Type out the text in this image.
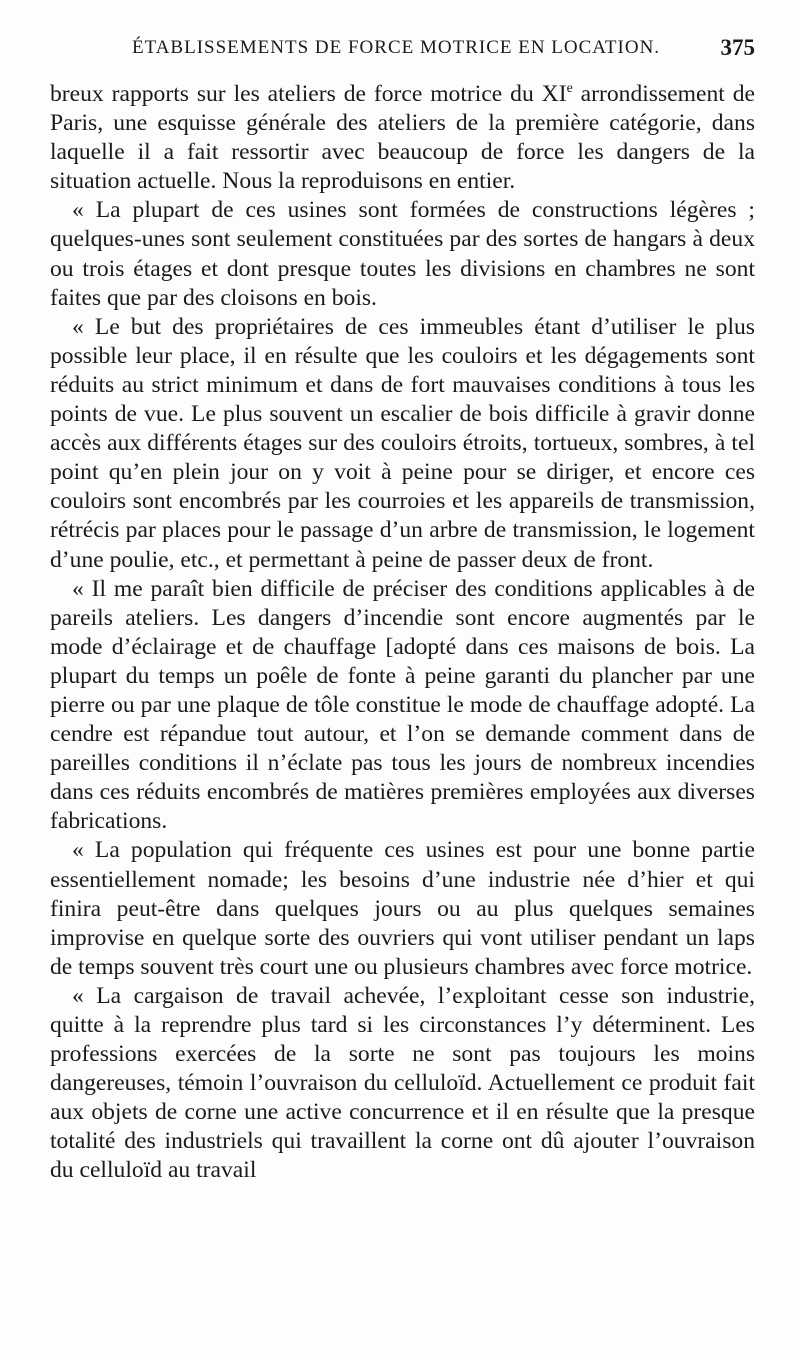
ÉTABLISSEMENTS DE FORCE MOTRICE EN LOCATION.	375

breux rapports sur les ateliers de force motrice du XIe arrondissement de Paris, une esquisse générale des ateliers de la première catégorie, dans laquelle il a fait ressortir avec beaucoup de force les dangers de la situation actuelle. Nous la reproduisons en entier.

« La plupart de ces usines sont formées de constructions légères ; quelques-unes sont seulement constituées par des sortes de hangars à deux ou trois étages et dont presque toutes les divisions en chambres ne sont faites que par des cloisons en bois.

« Le but des propriétaires de ces immeubles étant d’utiliser le plus possible leur place, il en résulte que les couloirs et les dégagements sont réduits au strict minimum et dans de fort mauvaises conditions à tous les points de vue. Le plus souvent un escalier de bois difficile à gravir donne accès aux différents étages sur des couloirs étroits, tortueux, sombres, à tel point qu’en plein jour on y voit à peine pour se diriger, et encore ces couloirs sont encombrés par les courroies et les appareils de transmission, rétrécis par places pour le passage d’un arbre de transmission, le logement d’une poulie, etc., et permettant à peine de passer deux de front.

« Il me paraît bien difficile de préciser des conditions applicables à de pareils ateliers. Les dangers d’incendie sont encore augmentés par le mode d’éclairage et de chauffage [adopté dans ces maisons de bois. La plupart du temps un poêle de fonte à peine garanti du plancher par une pierre ou par une plaque de tôle constitue le mode de chauffage adopté. La cendre est répandue tout autour, et l’on se demande comment dans de pareilles conditions il n’éclate pas tous les jours de nombreux incendies dans ces réduits encombrés de matières premières employées aux diverses fabrications.

« La population qui fréquente ces usines est pour une bonne partie essentiellement nomade; les besoins d’une industrie née d’hier et qui finira peut-être dans quelques jours ou au plus quelques semaines improvise en quelque sorte des ouvriers qui vont utiliser pendant un laps de temps souvent très court une ou plusieurs chambres avec force motrice.

« La cargaison de travail achevée, l’exploitant cesse son industrie, quitte à la reprendre plus tard si les circonstances l’y déterminent. Les professions exercées de la sorte ne sont pas toujours les moins dangereuses, témoin l’ouvraison du celluloïd. Actuellement ce produit fait aux objets de corne une active concurrence et il en résulte que la presque totalité des industriels qui travaillent la corne ont dû ajouter l’ouvraison du celluloïd au travail
